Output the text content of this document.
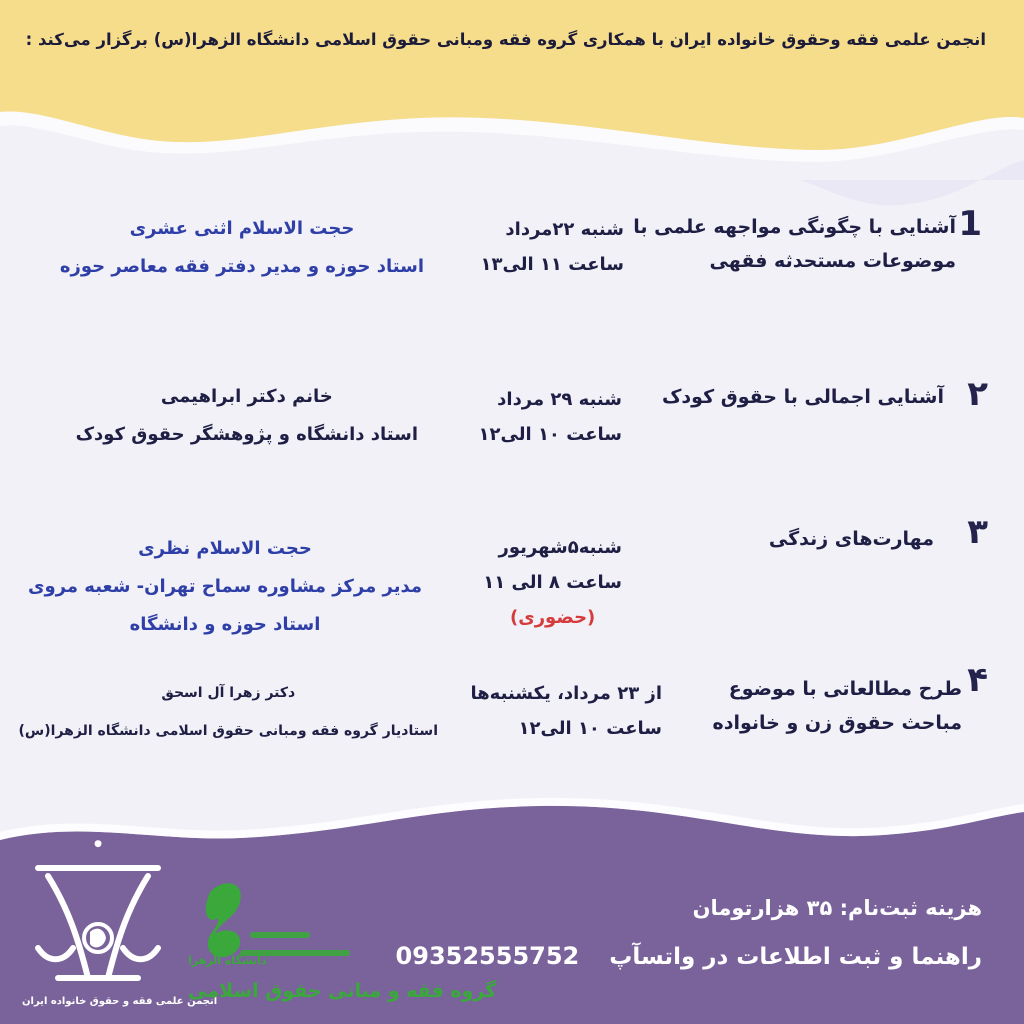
انجمن علمی فقه وحقوق خانواده ایران با همکاری گروه فقه ومبانی حقوق اسلامی دانشگاه الزهرا(س) برگزار می‌کند :
1
آشنایی با چگونگی مواجهه علمی با
موضوعات مستحدثه فقهی
شنبه ۲۲مرداد
ساعت ۱۱ الی۱۳
حجت الاسلام اثنی عشری
استاد حوزه و مدیر دفتر فقه معاصر حوزه
۲
آشنایی اجمالی با حقوق کودک
شنبه ۲۹ مرداد
ساعت ۱۰ الی۱۲
خانم دکتر ابراهیمی
استاد دانشگاه و پژوهشگر حقوق کودک
۳
مهارت‌های زندگی
شنبه۵شهریور
ساعت ۸ الی ۱۱
(حضوری)
حجت الاسلام نظری
مدیر مرکز مشاوره سماح تهران- شعبه مروی
استاد حوزه و دانشگاه
۴
طرح مطالعاتی با موضوع
مباحث حقوق زن و خانواده
از ۲۳ مرداد، یکشنبه‌ها
ساعت ۱۰ الی۱۲
دکتر زهرا آل اسحق
استادیار گروه فقه ومبانی حقوق اسلامی دانشگاه الزهرا(س)
هزینه ثبت‌نام: ۳۵ هزارتومان
راهنما و ثبت اطلاعات در واتسآپ  09352555752
●
انجمن علمی فقه و حقوق خانواده ایران
دانشگاه الزهرا
گروه فقه و مبانی حقوق اسلامی
